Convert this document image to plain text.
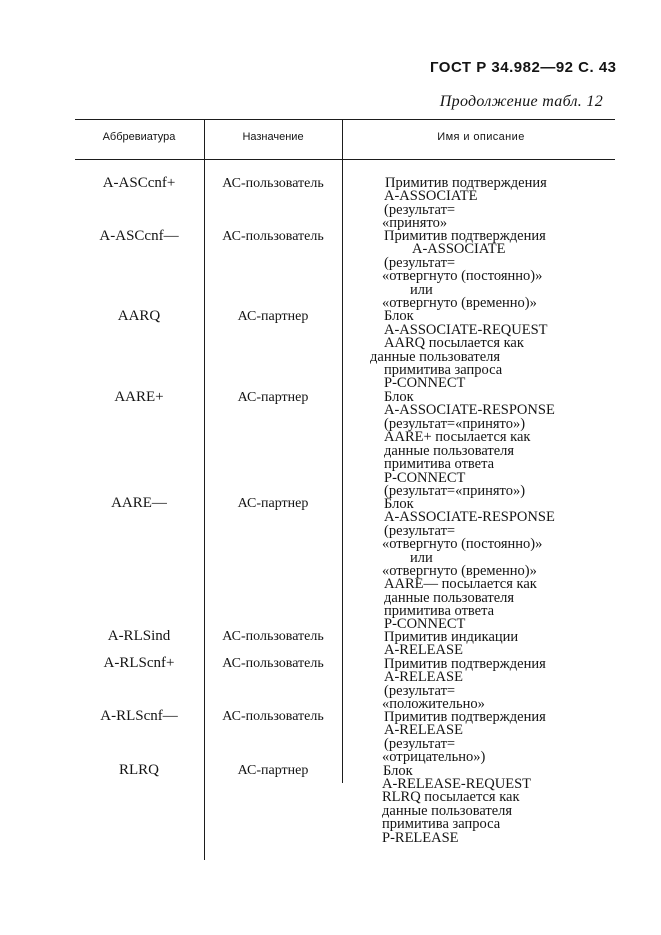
ГОСТ Р 34.982—92 С. 43
Продолжение табл. 12
Аббревиатура	Назначение	Имя и описание
A-ASCcnf+	АС-пользователь	Примитив подтверждения
A-ASSOCIATE
(результат=
«принято»
A-ASCcnf—	АС-пользователь	Примитив подтверждения
A-ASSOCIATE
(результат=
«отвергнуто (постоянно)»
или
«отвергнуто (временно)»
AARQ	АС-партнер	Блок
A-ASSOCIATE-REQUEST
AARQ посылается как
данные пользователя
примитива запроса
P-CONNECT
AARE+	АС-партнер	Блок
A-ASSOCIATE-RESPONSE
(результат=«принято»)
AARE+ посылается как
данные пользователя
примитива ответа
P-CONNECT
(результат=«принято»)
AARE—	АС-партнер	Блок
A-ASSOCIATE-RESPONSE
(результат=
«отвергнуто (постоянно)»
или
«отвергнуто (временно)»
AARE— посылается как
данные пользователя
примитива ответа
P-CONNECT
A-RLSind	АС-пользователь	Примитив индикации
A-RELEASE
A-RLScnf+	АС-пользователь	Примитив подтверждения
A-RELEASE
(результат=
«положительно»
A-RLScnf—	АС-пользователь	Примитив подтверждения
A-RELEASE
(результат=
«отрицательно»)
RLRQ	АС-партнер	Блок
A-RELEASE-REQUEST
RLRQ посылается как
данные пользователя
примитива запроса
P-RELEASE
